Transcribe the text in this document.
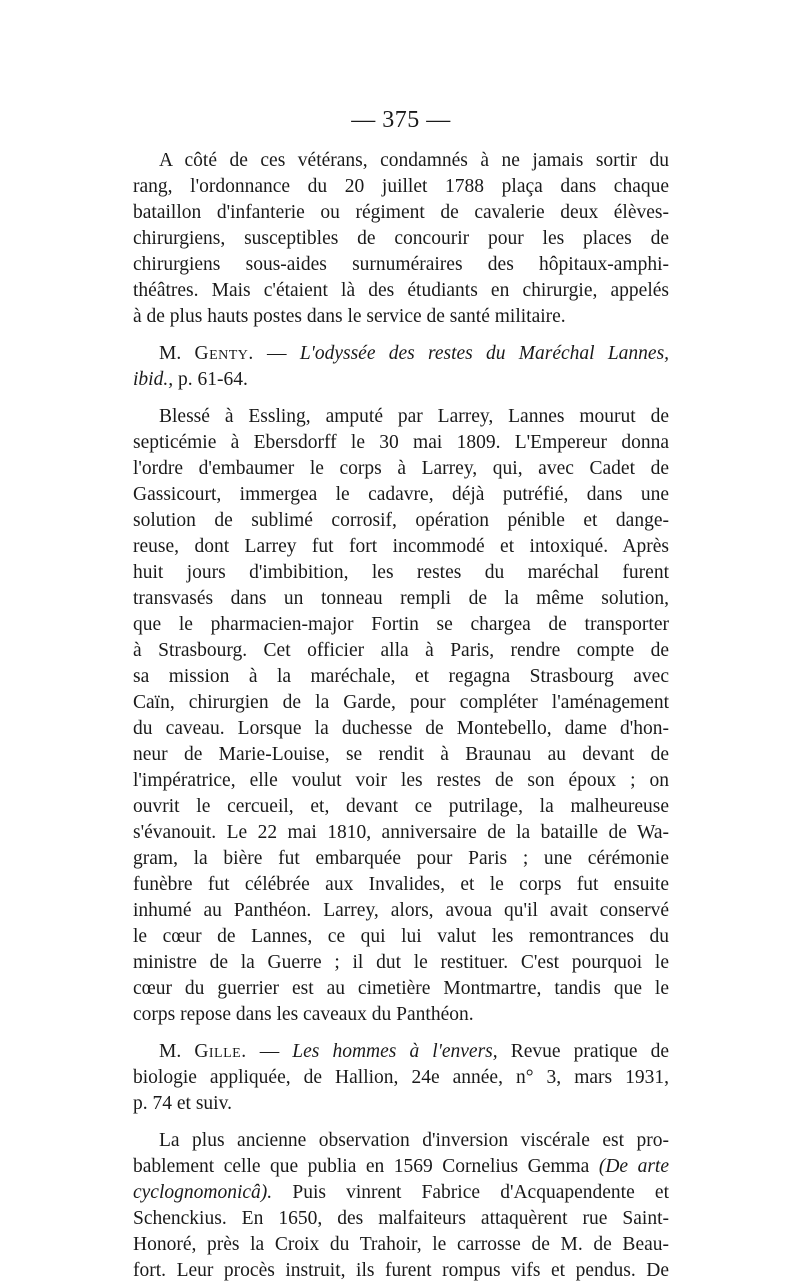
— 375 —
A côté de ces vétérans, condamnés à ne jamais sortir du
rang, l'ordonnance du 20 juillet 1788 plaça dans chaque
bataillon d'infanterie ou régiment de cavalerie deux élèves-
chirurgiens, susceptibles de concourir pour les places de
chirurgiens sous-aides surnuméraires des hôpitaux-amphi-
théâtres. Mais c'étaient là des étudiants en chirurgie, appelés
à de plus hauts postes dans le service de santé militaire.
M. Genty. — L'odyssée des restes du Maréchal Lannes,
ibid., p. 61-64.
Blessé à Essling, amputé par Larrey, Lannes mourut de
septicémie à Ebersdorff le 30 mai 1809. L'Empereur donna
l'ordre d'embaumer le corps à Larrey, qui, avec Cadet de
Gassicourt, immergea le cadavre, déjà putréfié, dans une
solution de sublimé corrosif, opération pénible et dange-
reuse, dont Larrey fut fort incommodé et intoxiqué. Après
huit jours d'imbibition, les restes du maréchal furent
transvasés dans un tonneau rempli de la même solution,
que le pharmacien-major Fortin se chargea de transporter
à Strasbourg. Cet officier alla à Paris, rendre compte de
sa mission à la maréchale, et regagna Strasbourg avec
Caïn, chirurgien de la Garde, pour compléter l'aménagement
du caveau. Lorsque la duchesse de Montebello, dame d'hon-
neur de Marie-Louise, se rendit à Braunau au devant de
l'impératrice, elle voulut voir les restes de son époux ; on
ouvrit le cercueil, et, devant ce putrilage, la malheureuse
s'évanouit. Le 22 mai 1810, anniversaire de la bataille de Wa-
gram, la bière fut embarquée pour Paris ; une cérémonie
funèbre fut célébrée aux Invalides, et le corps fut ensuite
inhumé au Panthéon. Larrey, alors, avoua qu'il avait conservé
le cœur de Lannes, ce qui lui valut les remontrances du
ministre de la Guerre ; il dut le restituer. C'est pourquoi le
cœur du guerrier est au cimetière Montmartre, tandis que le
corps repose dans les caveaux du Panthéon.
M. Gille. — Les hommes à l'envers, Revue pratique de
biologie appliquée, de Hallion, 24e année, n° 3, mars 1931,
p. 74 et suiv.
La plus ancienne observation d'inversion viscérale est pro-
bablement celle que publia en 1569 Cornelius Gemma (De arte
cyclognomonicâ). Puis vinrent Fabrice d'Acquapendente et
Schenckius. En 1650, des malfaiteurs attaquèrent rue Saint-
Honoré, près la Croix du Trahoir, le carrosse de M. de Beau-
fort. Leur procès instruit, ils furent rompus vifs et pendus. De
